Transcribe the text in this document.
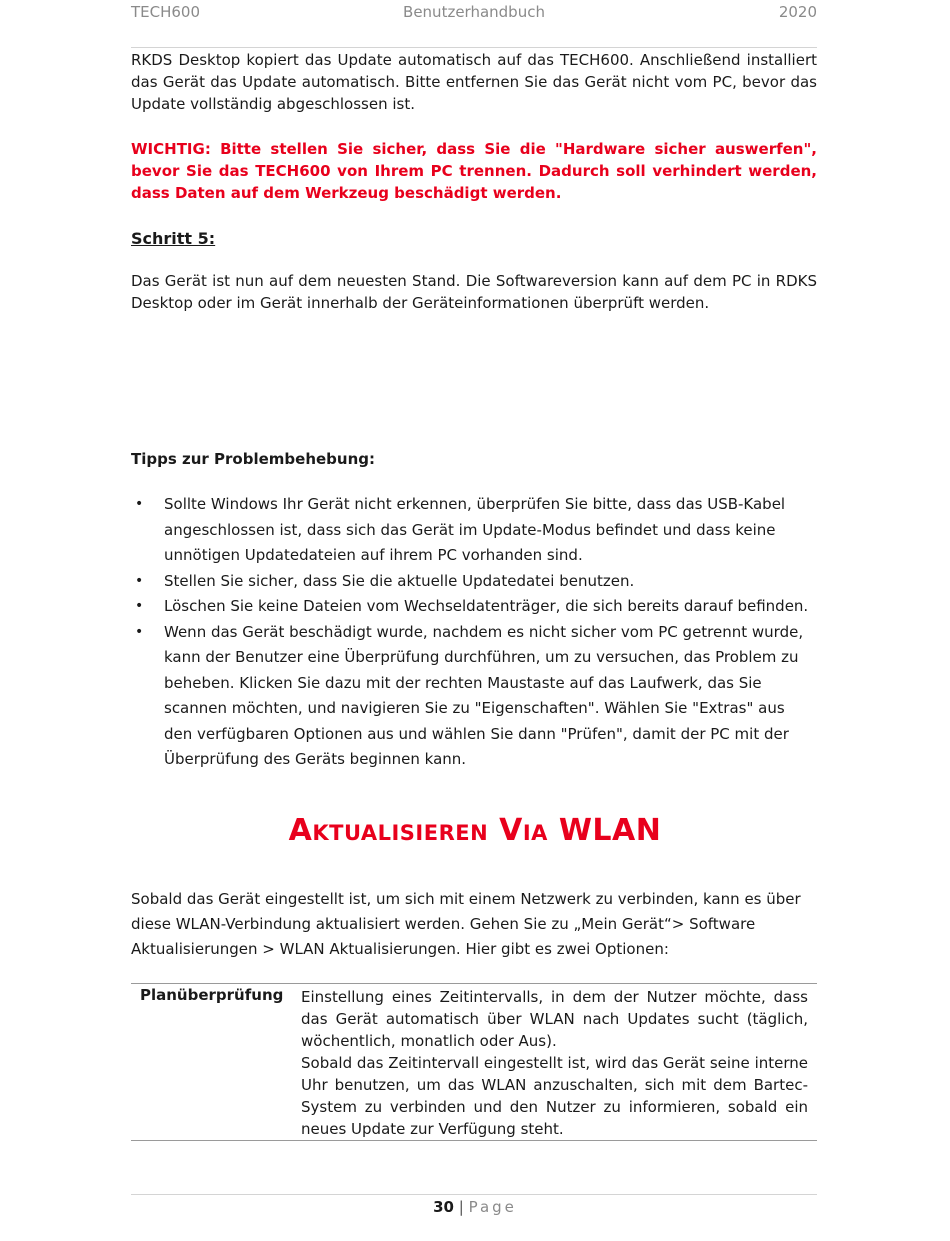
TECH600	Benutzerhandbuch	2020

RKDS Desktop kopiert das Update automatisch auf das TECH600. Anschließend installiert das Gerät das Update automatisch. Bitte entfernen Sie das Gerät nicht vom PC, bevor das Update vollständig abgeschlossen ist.

WICHTIG: Bitte stellen Sie sicher, dass Sie die "Hardware sicher auswerfen", bevor Sie das TECH600 von Ihrem PC trennen. Dadurch soll verhindert werden, dass Daten auf dem Werkzeug beschädigt werden.

Schritt 5:

Das Gerät ist nun auf dem neuesten Stand. Die Softwareversion kann auf dem PC in RDKS Desktop oder im Gerät innerhalb der Geräteinformationen überprüft werden.

Tipps zur Problembehebung:

• Sollte Windows Ihr Gerät nicht erkennen, überprüfen Sie bitte, dass das USB-Kabel angeschlossen ist, dass sich das Gerät im Update-Modus befindet und dass keine unnötigen Updatedateien auf ihrem PC vorhanden sind.
• Stellen Sie sicher, dass Sie die aktuelle Updatedatei benutzen.
• Löschen Sie keine Dateien vom Wechseldatenträger, die sich bereits darauf befinden.
• Wenn das Gerät beschädigt wurde, nachdem es nicht sicher vom PC getrennt wurde, kann der Benutzer eine Überprüfung durchführen, um zu versuchen, das Problem zu beheben. Klicken Sie dazu mit der rechten Maustaste auf das Laufwerk, das Sie scannen möchten, und navigieren Sie zu "Eigenschaften". Wählen Sie "Extras" aus den verfügbaren Optionen aus und wählen Sie dann "Prüfen", damit der PC mit der Überprüfung des Geräts beginnen kann.
Aktualisieren Via WLAN

Sobald das Gerät eingestellt ist, um sich mit einem Netzwerk zu verbinden, kann es über diese WLAN-Verbindung aktualisiert werden. Gehen Sie zu „Mein Gerät“> Software Aktualisierungen > WLAN Aktualisierungen. Hier gibt es zwei Optionen:

Planüberprüfung Einstellung eines Zeitintervalls, in dem der Nutzer möchte, dass das Gerät automatisch über WLAN nach Updates sucht (täglich, wöchentlich, monatlich oder Aus).

Sobald das Zeitintervall eingestellt ist, wird das Gerät seine interne Uhr benutzen, um das WLAN anzuschalten, sich mit dem Bartec-System zu verbinden und den Nutzer zu informieren, sobald ein neues Update zur Verfügung steht.

30 | Page
